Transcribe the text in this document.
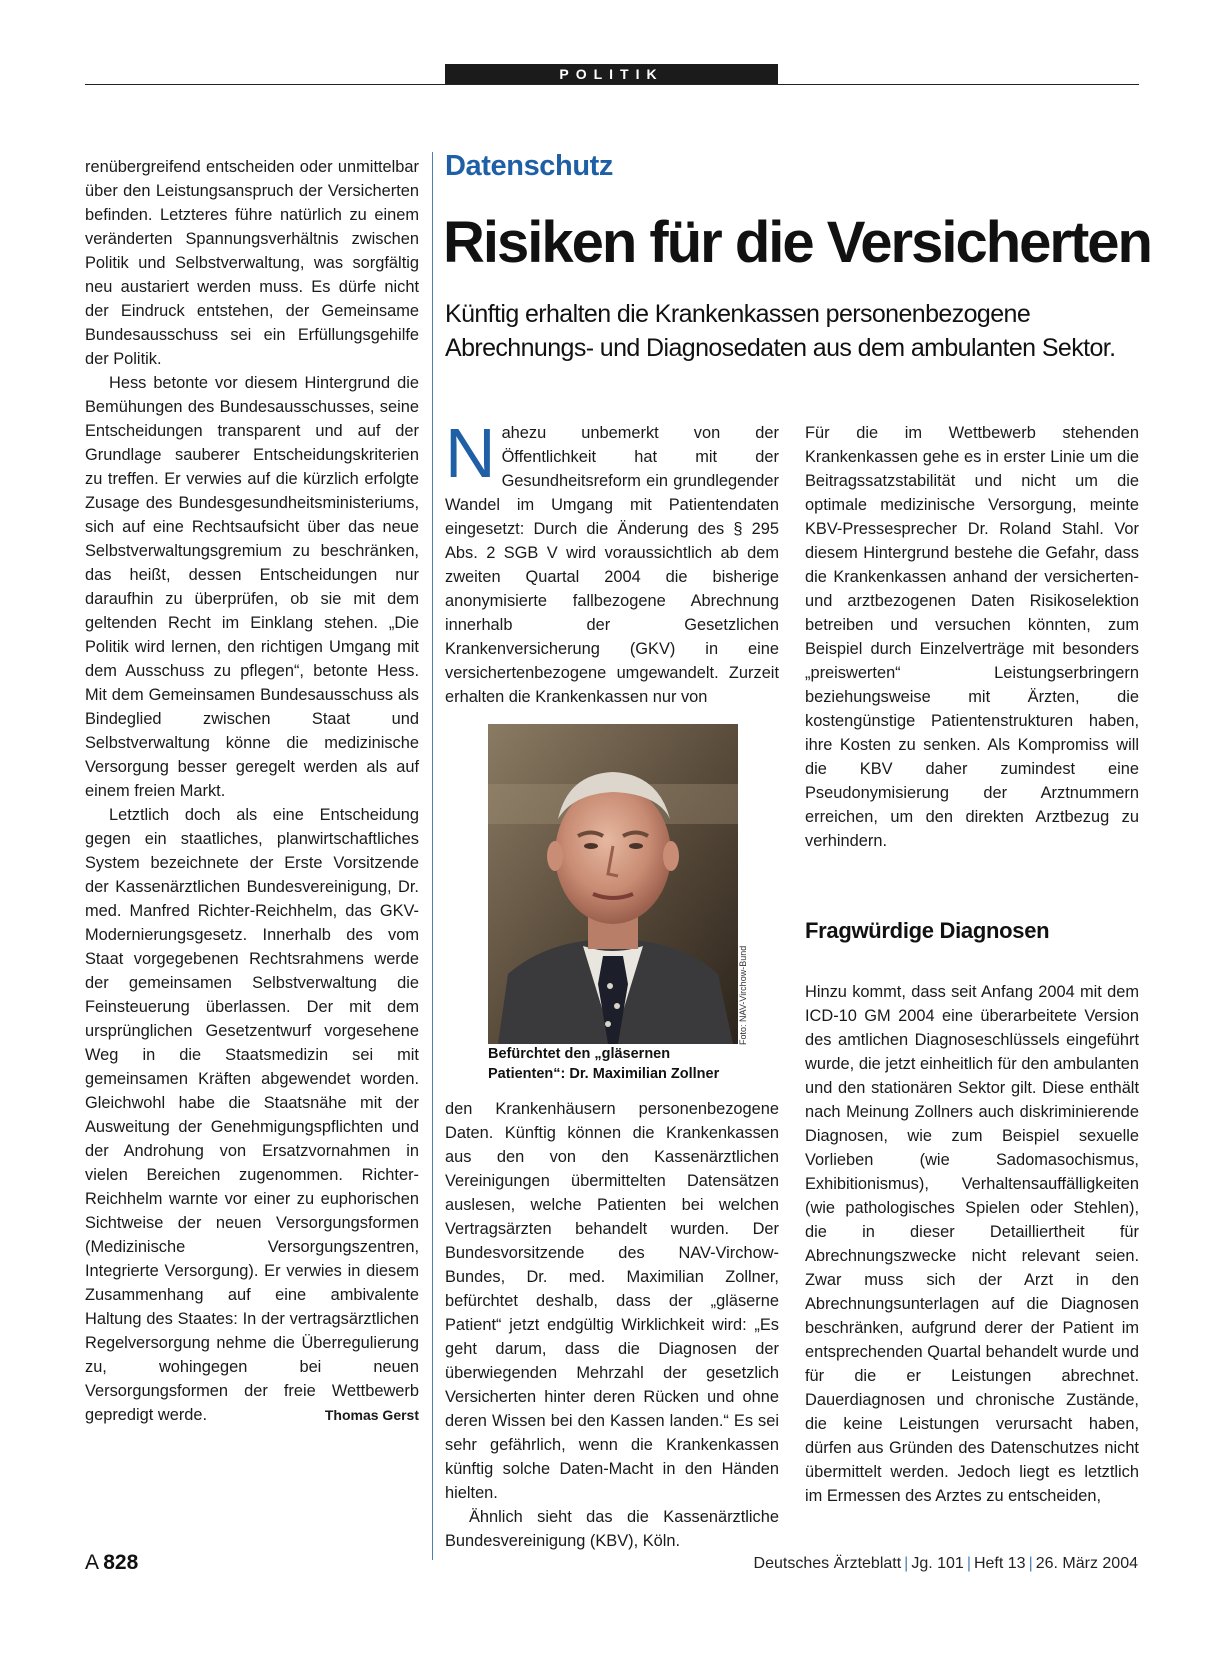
POLITIK

renübergreifend entscheiden oder unmittelbar über den Leistungsanspruch der Versicherten befinden. Letzteres führe natürlich zu einem veränderten Spannungsverhältnis zwischen Politik und Selbstverwaltung, was sorgfältig neu austariert werden muss. Es dürfe nicht der Eindruck entstehen, der Gemeinsame Bundesausschuss sei ein Erfüllungsgehilfe der Politik.

Hess betonte vor diesem Hintergrund die Bemühungen des Bundesausschusses, seine Entscheidungen transparent und auf der Grundlage sauberer Entscheidungskriterien zu treffen. Er verwies auf die kürzlich erfolgte Zusage des Bundesgesundheitsministeriums, sich auf eine Rechtsaufsicht über das neue Selbstverwaltungsgremium zu beschränken, das heißt, dessen Entscheidungen nur daraufhin zu überprüfen, ob sie mit dem geltenden Recht im Einklang stehen. „Die Politik wird lernen, den richtigen Umgang mit dem Ausschuss zu pflegen“, betonte Hess. Mit dem Gemeinsamen Bundesausschuss als Bindeglied zwischen Staat und Selbstverwaltung könne die medizinische Versorgung besser geregelt werden als auf einem freien Markt.

Letztlich doch als eine Entscheidung gegen ein staatliches, planwirtschaftliches System bezeichnete der Erste Vorsitzende der Kassenärztlichen Bundesvereinigung, Dr. med. Manfred Richter-Reichhelm, das GKV-Modernierungsgesetz. Innerhalb des vom Staat vorgegebenen Rechtsrahmens werde der gemeinsamen Selbstverwaltung die Feinsteuerung überlassen. Der mit dem ursprünglichen Gesetzentwurf vorgesehene Weg in die Staatsmedizin sei mit gemeinsamen Kräften abgewendet worden. Gleichwohl habe die Staatsnähe mit der Ausweitung der Genehmigungspflichten und der Androhung von Ersatzvornahmen in vielen Bereichen zugenommen. Richter-Reichhelm warnte vor einer zu euphorischen Sichtweise der neuen Versorgungsformen (Medizinische Versorgungszentren, Integrierte Versorgung). Er verwies in diesem Zusammenhang auf eine ambivalente Haltung des Staates: In der vertragsärztlichen Regelversorgung nehme die Überregulierung zu, wohingegen bei neuen Versorgungsformen der freie Wettbewerb gepredigt werde.	Thomas Gerst

Datenschutz
Risiken für die Versicherten
Künftig erhalten die Krankenkassen personenbezogene Abrechnungs- und Diagnosedaten aus dem ambulanten Sektor.

Nahezu unbemerkt von der Öffentlichkeit hat mit der Gesundheitsreform ein grundlegender Wandel im Umgang mit Patientendaten eingesetzt: Durch die Änderung des § 295 Abs. 2 SGB V wird voraussichtlich ab dem zweiten Quartal 2004 die bisherige anonymisierte fallbezogene Abrechnung innerhalb der Gesetzlichen Krankenversicherung (GKV) in eine versichertenbezogene umgewandelt. Zurzeit erhalten die Krankenkassen nur von

Foto: NAV-Virchow-Bund
Befürchtet den „gläsernen Patienten“: Dr. Maximilian Zollner

den Krankenhäusern personenbezogene Daten. Künftig können die Krankenkassen aus den von den Kassenärztlichen Vereinigungen übermittelten Datensätzen auslesen, welche Patienten bei welchen Vertragsärzten behandelt wurden. Der Bundesvorsitzende des NAV-Virchow-Bundes, Dr. med. Maximilian Zollner, befürchtet deshalb, dass der „gläserne Patient“ jetzt endgültig Wirklichkeit wird: „Es geht darum, dass die Diagnosen der überwiegenden Mehrzahl der gesetzlich Versicherten hinter deren Rücken und ohne deren Wissen bei den Kassen landen.“ Es sei sehr gefährlich, wenn die Krankenkassen künftig solche Daten-Macht in den Händen hielten.

Ähnlich sieht das die Kassenärztliche Bundesvereinigung (KBV), Köln.

Für die im Wettbewerb stehenden Krankenkassen gehe es in erster Linie um die Beitragssatzstabilität und nicht um die optimale medizinische Versorgung, meinte KBV-Pressesprecher Dr. Roland Stahl. Vor diesem Hintergrund bestehe die Gefahr, dass die Krankenkassen anhand der versicherten- und arztbezogenen Daten Risikoselektion betreiben und versuchen könnten, zum Beispiel durch Einzelverträge mit besonders „preiswerten“ Leistungserbringern beziehungsweise mit Ärzten, die kostengünstige Patientenstrukturen haben, ihre Kosten zu senken. Als Kompromiss will die KBV daher zumindest eine Pseudonymisierung der Arztnummern erreichen, um den direkten Arztbezug zu verhindern.

Fragwürdige Diagnosen

Hinzu kommt, dass seit Anfang 2004 mit dem ICD-10 GM 2004 eine überarbeitete Version des amtlichen Diagnoseschlüssels eingeführt wurde, die jetzt einheitlich für den ambulanten und den stationären Sektor gilt. Diese enthält nach Meinung Zollners auch diskriminierende Diagnosen, wie zum Beispiel sexuelle Vorlieben (wie Sadomasochismus, Exhibitionismus), Verhaltensauffälligkeiten (wie pathologisches Spielen oder Stehlen), die in dieser Detailliertheit für Abrechnungszwecke nicht relevant seien. Zwar muss sich der Arzt in den Abrechnungsunterlagen auf die Diagnosen beschränken, aufgrund derer der Patient im entsprechenden Quartal behandelt wurde und für die er Leistungen abrechnet. Dauerdiagnosen und chronische Zustände, die keine Leistungen verursacht haben, dürfen aus Gründen des Datenschutzes nicht übermittelt werden. Jedoch liegt es letztlich im Ermessen des Arztes zu entscheiden,

A  828	Deutsches Ärzteblatt | Jg. 101 | Heft 13 | 26. März 2004
